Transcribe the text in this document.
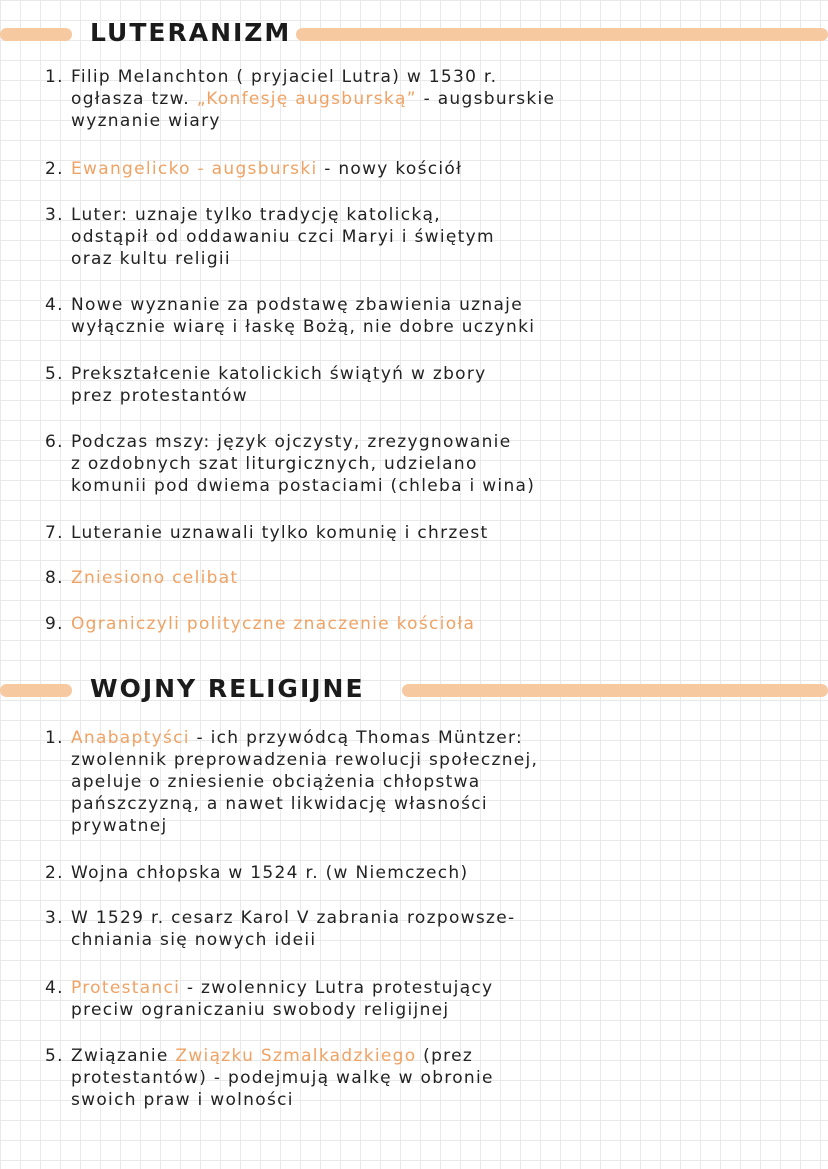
LUTERANIZM
1. Filip Melanchton ( pryjaciel Lutra) w 1530 r.
ogłasza tzw. „Konfesję augsburską” - augsburskie
wyznanie wiary
2. Ewangelicko - augsburski - nowy kościół
3. Luter: uznaje tylko tradycję katolicką,
odstąpił od oddawaniu czci Maryi i świętym
oraz kultu religii
4. Nowe wyznanie za podstawę zbawienia uznaje
wyłącznie wiarę i łaskę Bożą, nie dobre uczynki
5. Prekształcenie katolickich świątyń w zbory
prez protestantów
6. Podczas mszy: język ojczysty, zrezygnowanie
z ozdobnych szat liturgicznych, udzielano
komunii pod dwiema postaciami (chleba i wina)
7. Luteranie uznawali tylko komunię i chrzest
8. Zniesiono celibat
9. Ograniczyli polityczne znaczenie kościoła
WOJNY RELIGIJNE
1. Anabaptyści - ich przywódcą Thomas Müntzer:
zwolennik preprowadzenia rewolucji społecznej,
apeluje o zniesienie obciążenia chłopstwa
pańszczyzną, a nawet likwidację własności
prywatnej
2. Wojna chłopska w 1524 r. (w Niemczech)
3. W 1529 r. cesarz Karol V zabrania rozpowsze-
chniania się nowych ideii
4. Protestanci - zwolennicy Lutra protestujący
preciw ograniczaniu swobody religijnej
5. Związanie Związku Szmalkadzkiego (prez
protestantów) - podejmują walkę w obronie
swoich praw i wolności
